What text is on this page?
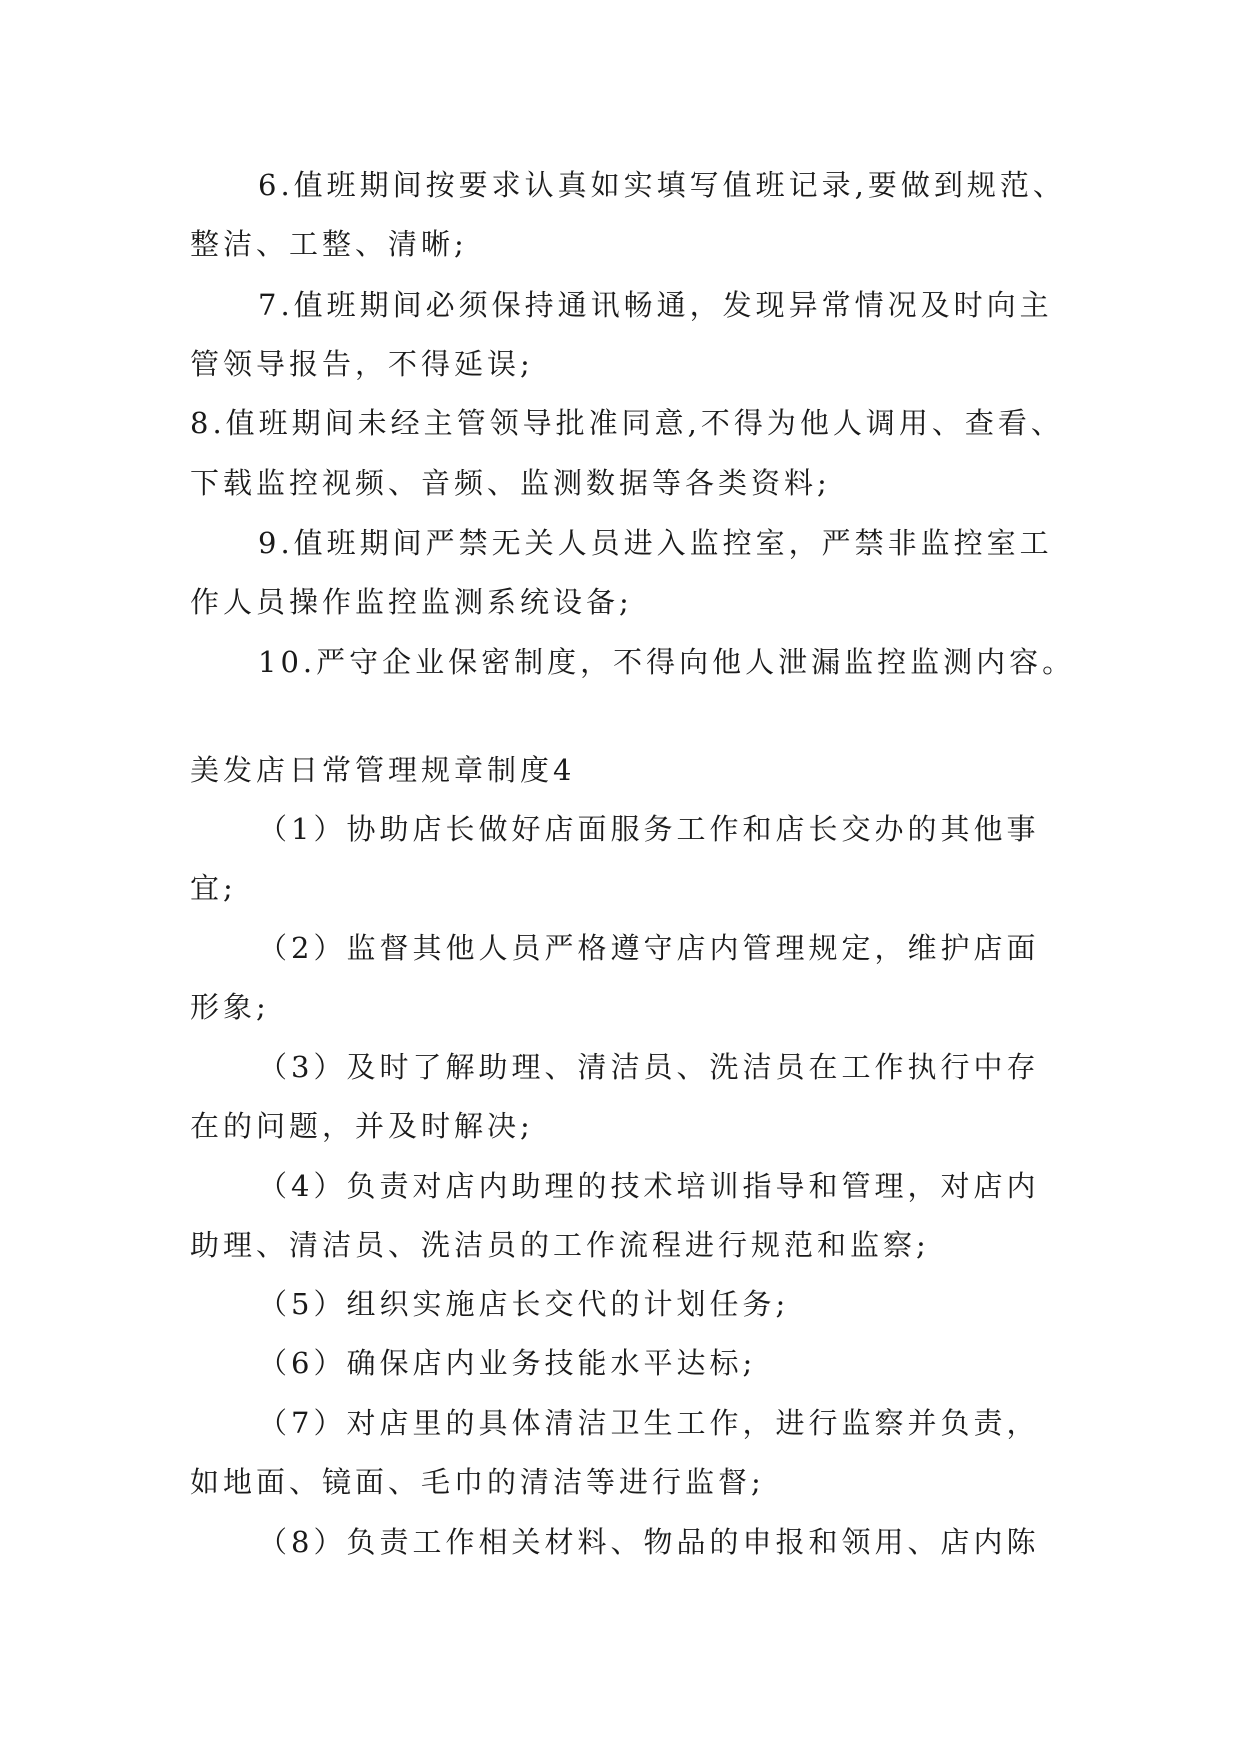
6.值班期间按要求认真如实填写值班记录,要做到规范、
整洁、工整、清晰;
7.值班期间必须保持通讯畅通，发现异常情况及时向主
管领导报告，不得延误;
8.值班期间未经主管领导批准同意,不得为他人调用、查看、
下载监控视频、音频、监测数据等各类资料;
9.值班期间严禁无关人员进入监控室，严禁非监控室工
作人员操作监控监测系统设备;
10.严守企业保密制度，不得向他人泄漏监控监测内容。
美发店日常管理规章制度4
（1）协助店长做好店面服务工作和店长交办的其他事
宜;
（2）监督其他人员严格遵守店内管理规定，维护店面
形象;
（3）及时了解助理、清洁员、洗洁员在工作执行中存
在的问题，并及时解决;
（4）负责对店内助理的技术培训指导和管理，对店内
助理、清洁员、洗洁员的工作流程进行规范和监察;
（5）组织实施店长交代的计划任务;
（6）确保店内业务技能水平达标;
（7）对店里的具体清洁卫生工作，进行监察并负责，
如地面、镜面、毛巾的清洁等进行监督;
（8）负责工作相关材料、物品的申报和领用、店内陈
